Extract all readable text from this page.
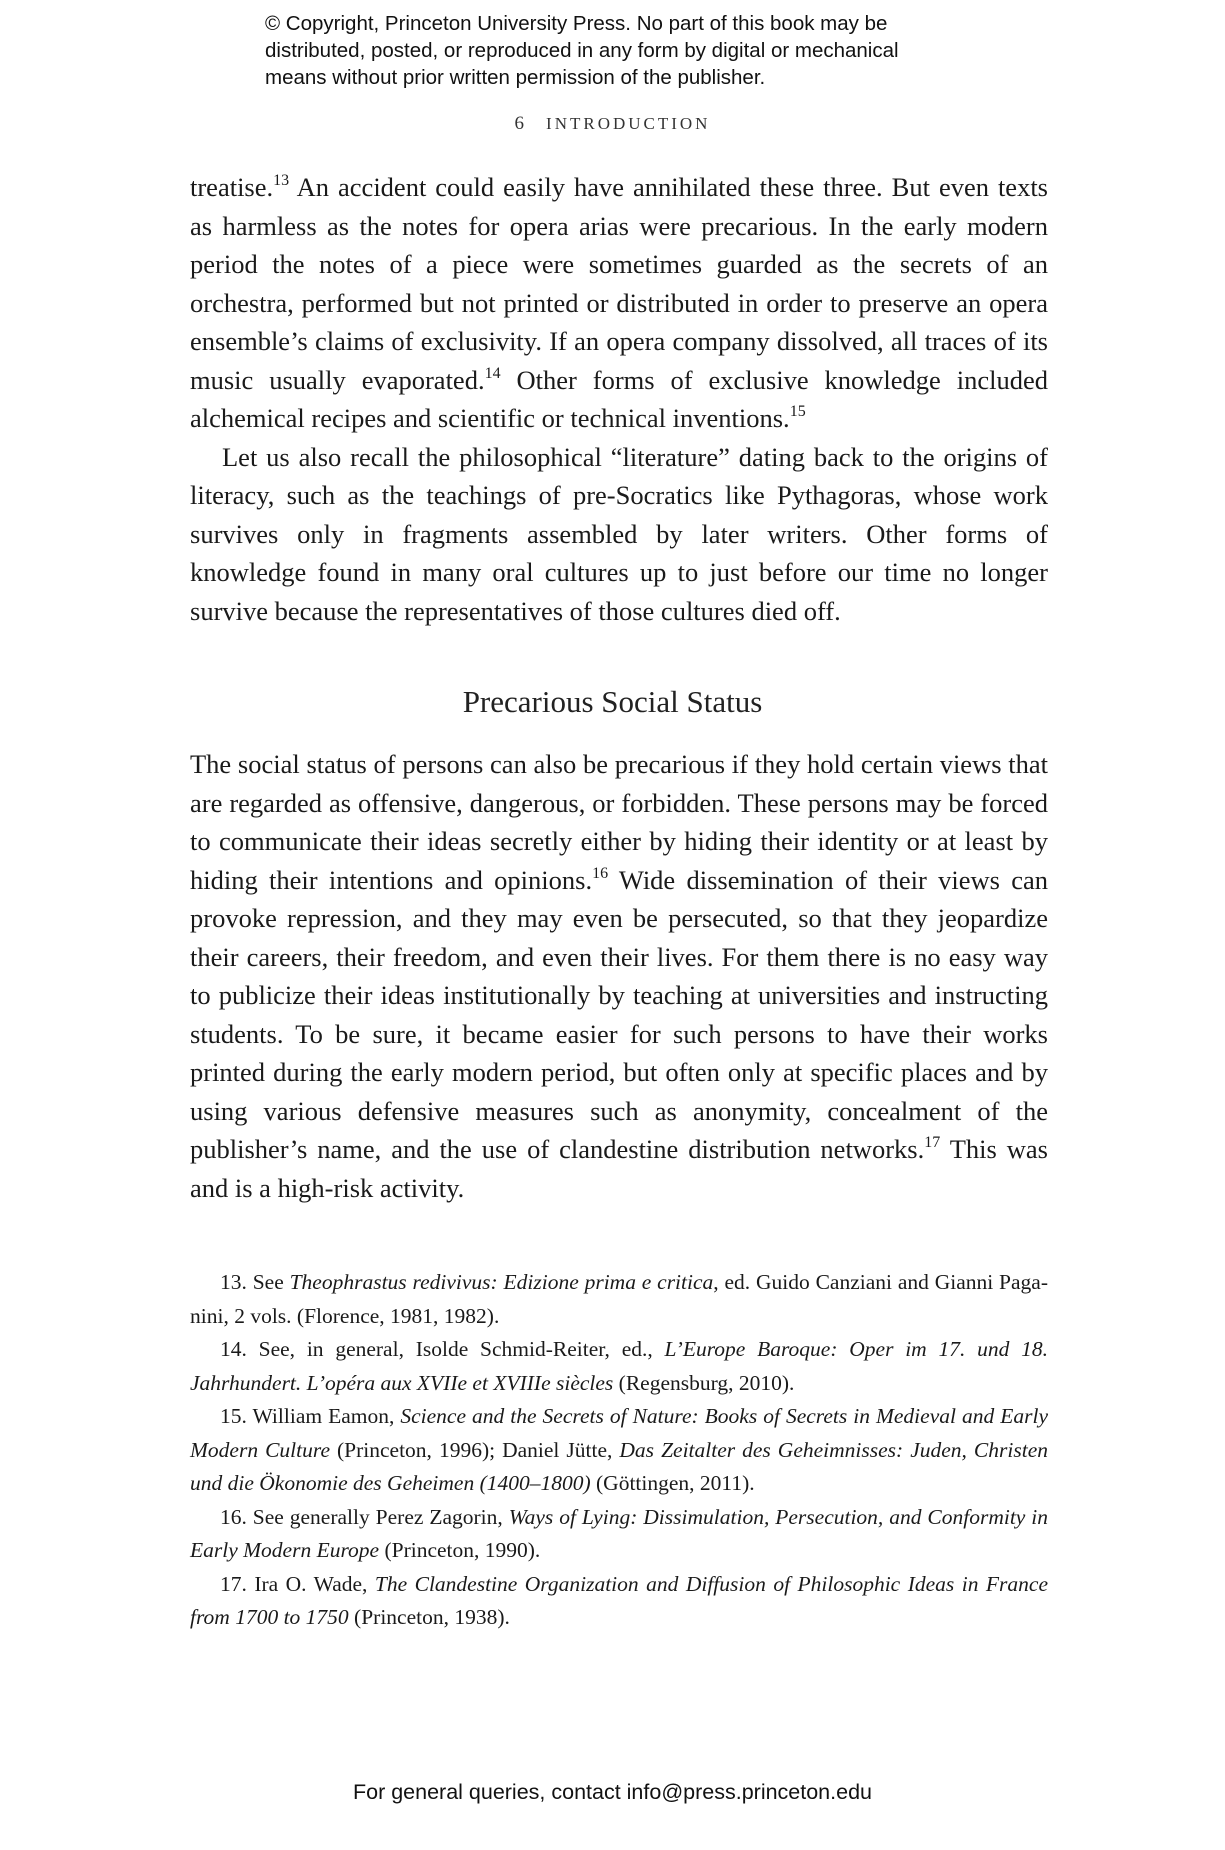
© Copyright, Princeton University Press. No part of this book may be
distributed, posted, or reproduced in any form by digital or mechanical
means without prior written permission of the publisher.
6 INTRODUCTION

treatise.$^{13}$ An accident could easily have annihilated these three. But even texts as harmless as the notes for opera arias were precarious. In the early modern period the notes of a piece were sometimes guarded as the secrets of an orchestra, performed but not printed or distributed in order to preserve an opera ensemble’s claims of exclusivity. If an opera company dissolved, all traces of its music usually evaporated.$^{14}$ Other forms of exclusive knowledge included alchemical recipes and scientific or technical inventions.$^{15}$

Let us also recall the philosophical “literature” dating back to the origins of literacy, such as the teachings of pre-Socratics like Pythagoras, whose work survives only in fragments assembled by later writers. Other forms of knowledge found in many oral cultures up to just before our time no longer survive because the representatives of those cultures died off.

Precarious Social Status

The social status of persons can also be precarious if they hold certain views that are regarded as offensive, dangerous, or forbidden. These persons may be forced to communicate their ideas secretly either by hiding their identity or at least by hiding their intentions and opinions.$^{16}$ Wide dissemination of their views can provoke repression, and they may even be persecuted, so that they jeopardize their careers, their freedom, and even their lives. For them there is no easy way to publicize their ideas institutionally by teaching at universities and instructing students. To be sure, it became easier for such persons to have their works printed during the early modern period, but often only at specific places and by using various defensive measures such as anonymity, concealment of the publisher’s name, and the use of clandestine distribution networks.$^{17}$ This was and is a high-risk activity.

13. See Theophrastus redivivus: Edizione prima e critica, ed. Guido Canziani and Gianni Paganini, 2 vols. (Florence, 1981, 1982).

14. See, in general, Isolde Schmid-Reiter, ed., L’Europe Baroque: Oper im 17. und 18. Jahrhundert. L’opéra aux XVIIe et XVIIIe siècles (Regensburg, 2010).

15. William Eamon, Science and the Secrets of Nature: Books of Secrets in Medieval and Early Modern Culture (Princeton, 1996); Daniel Jütte, Das Zeitalter des Geheimnisses: Juden, Christen und die Ökonomie des Geheimen (1400–1800) (Göttingen, 2011).

16. See generally Perez Zagorin, Ways of Lying: Dissimulation, Persecution, and Conformity in Early Modern Europe (Princeton, 1990).

17. Ira O. Wade, The Clandestine Organization and Diffusion of Philosophic Ideas in France from 1700 to 1750 (Princeton, 1938).

For general queries, contact info@press.princeton.edu
